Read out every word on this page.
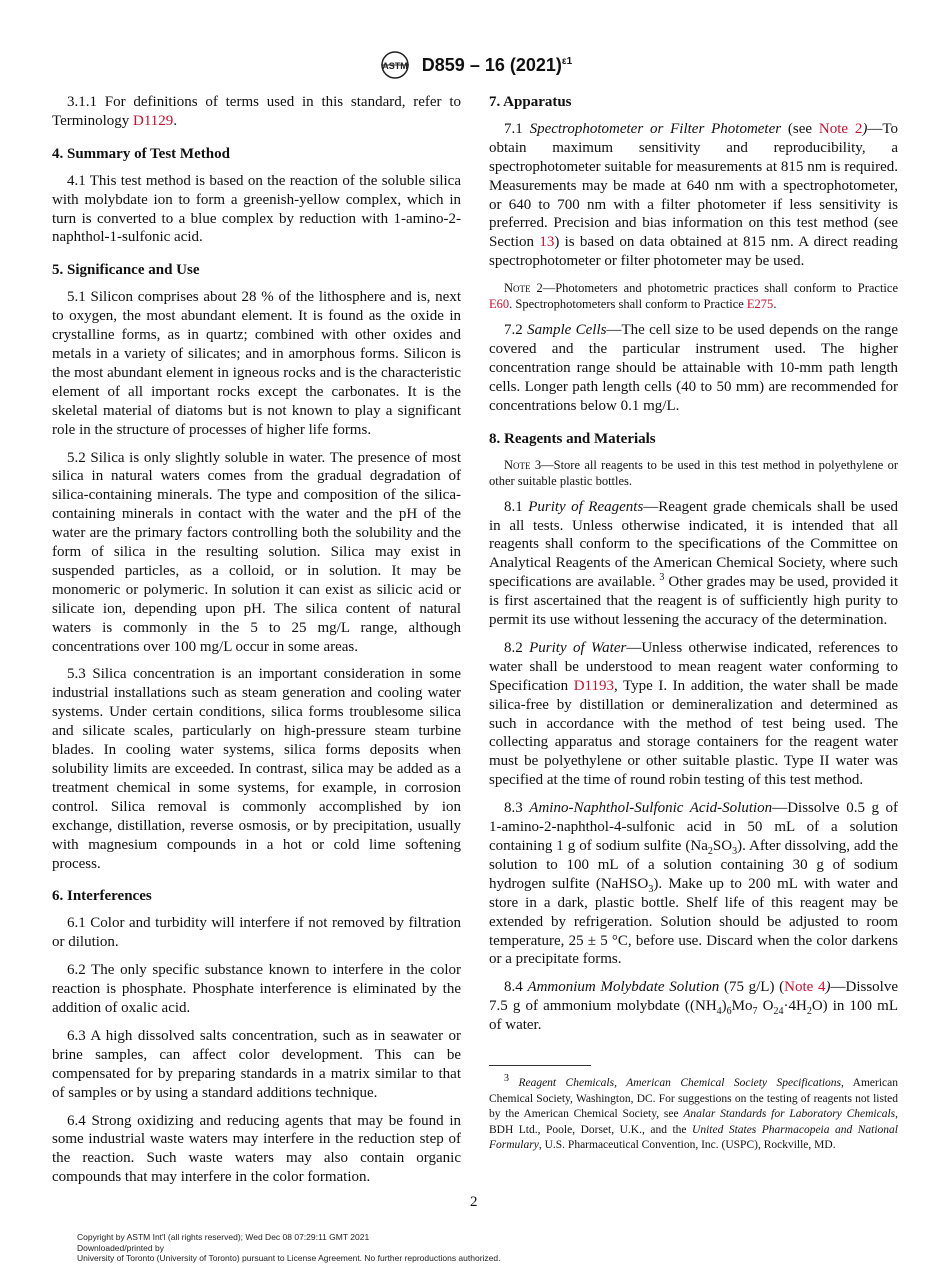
ASTM D859 – 16 $(2021)^{\varepsilon 1}$

3.1.1 For definitions of terms used in this standard, refer to Terminology D1129.

4. Summary of Test Method

4.1 This test method is based on the reaction of the soluble silica with molybdate ion to form a greenish-yellow complex, which in turn is converted to a blue complex by reduction with 1-amino-2-naphthol-1-sulfonic acid.

5. Significance and Use

5.1 Silicon comprises about 28 % of the lithosphere and is, next to oxygen, the most abundant element. It is found as the oxide in crystalline forms, as in quartz; combined with other oxides and metals in a variety of silicates; and in amorphous forms. Silicon is the most abundant element in igneous rocks and is the characteristic element of all important rocks except the carbonates. It is the skeletal material of diatoms but is not known to play a significant role in the structure of processes of higher life forms.

5.2 Silica is only slightly soluble in water. The presence of most silica in natural waters comes from the gradual degradation of silica-containing minerals. The type and composition of the silica-containing minerals in contact with the water and the pH of the water are the primary factors controlling both the solubility and the form of silica in the resulting solution. Silica may exist in suspended particles, as a colloid, or in solution. It may be monomeric or polymeric. In solution it can exist as silicic acid or silicate ion, depending upon pH. The silica content of natural waters is commonly in the 5 to 25 mg/L range, although concentrations over 100 mg/L occur in some areas.

5.3 Silica concentration is an important consideration in some industrial installations such as steam generation and cooling water systems. Under certain conditions, silica forms troublesome silica and silicate scales, particularly on high-pressure steam turbine blades. In cooling water systems, silica forms deposits when solubility limits are exceeded. In contrast, silica may be added as a treatment chemical in some systems, for example, in corrosion control. Silica removal is commonly accomplished by ion exchange, distillation, reverse osmosis, or by precipitation, usually with magnesium compounds in a hot or cold lime softening process.

6. Interferences

6.1 Color and turbidity will interfere if not removed by filtration or dilution.

6.2 The only specific substance known to interfere in the color reaction is phosphate. Phosphate interference is eliminated by the addition of oxalic acid.

6.3 A high dissolved salts concentration, such as in seawater or brine samples, can affect color development. This can be compensated for by preparing standards in a matrix similar to that of samples or by using a standard additions technique.

6.4 Strong oxidizing and reducing agents that may be found in some industrial waste waters may interfere in the reduction step of the reaction. Such waste waters may also contain organic compounds that may interfere in the color formation.

7. Apparatus

7.1 Spectrophotometer or Filter Photometer (see Note 2)—To obtain maximum sensitivity and reproducibility, a spectrophotometer suitable for measurements at 815 nm is required. Measurements may be made at 640 nm with a spectrophotometer, or 640 to 700 nm with a filter photometer if less sensitivity is preferred. Precision and bias information on this test method (see Section 13) is based on data obtained at 815 nm. A direct reading spectrophotometer or filter photometer may be used.

Note 2—Photometers and photometric practices shall conform to Practice E60. Spectrophotometers shall conform to Practice E275.

7.2 Sample Cells—The cell size to be used depends on the range covered and the particular instrument used. The higher concentration range should be attainable with 10-mm path length cells. Longer path length cells (40 to 50 mm) are recommended for concentrations below 0.1 mg/L.

8. Reagents and Materials

Note 3—Store all reagents to be used in this test method in polyethylene or other suitable plastic bottles.

8.1 Purity of Reagents—Reagent grade chemicals shall be used in all tests. Unless otherwise indicated, it is intended that all reagents shall conform to the specifications of the Committee on Analytical Reagents of the American Chemical Society, where such specifications are available. $^3$ Other grades may be used, provided it is first ascertained that the reagent is of sufficiently high purity to permit its use without lessening the accuracy of the determination.

8.2 Purity of Water—Unless otherwise indicated, references to water shall be understood to mean reagent water conforming to Specification D1193, Type I. In addition, the water shall be made silica-free by distillation or demineralization and determined as such in accordance with the method of test being used. The collecting apparatus and storage containers for the reagent water must be polyethylene or other suitable plastic. Type II water was specified at the time of round robin testing of this test method.

8.3 Amino-Naphthol-Sulfonic Acid-Solution—Dissolve 0.5 g of 1-amino-2-naphthol-4-sulfonic acid in 50 mL of a solution containing 1 g of sodium sulfite $(Na_2SO_3)$. After dissolving, add the solution to 100 mL of a solution containing 30 g of sodium hydrogen sulfite (NaHSO$_3$). Make up to 200 mL with water and store in a dark, plastic bottle. Shelf life of this reagent may be extended by refrigeration. Solution should be adjusted to room temperature, 25 ± 5 °C, before use. Discard when the color darkens or a precipitate forms.

8.4 Ammonium Molybdate Solution (75 g/L) (Note 4)—Dissolve 7.5 g of ammonium molybdate ($(NH_4)_6Mo_7$ $O_{24}\cdot 4H_2O$) in 100 mL of water.

$^3$ Reagent Chemicals, American Chemical Society Specifications, American Chemical Society, Washington, DC. For suggestions on the testing of reagents not listed by the American Chemical Society, see Analar Standards for Laboratory Chemicals, BDH Ltd., Poole, Dorset, U.K., and the United States Pharmacopeia and National Formulary, U.S. Pharmaceutical Convention, Inc. (USPC), Rockville, MD.

2
Copyright by ASTM Int'l (all rights reserved); Wed Dec 08 07:29:11 GMT 2021
Downloaded/printed by
University of Toronto (University of Toronto) pursuant to License Agreement. No further reproductions authorized.
